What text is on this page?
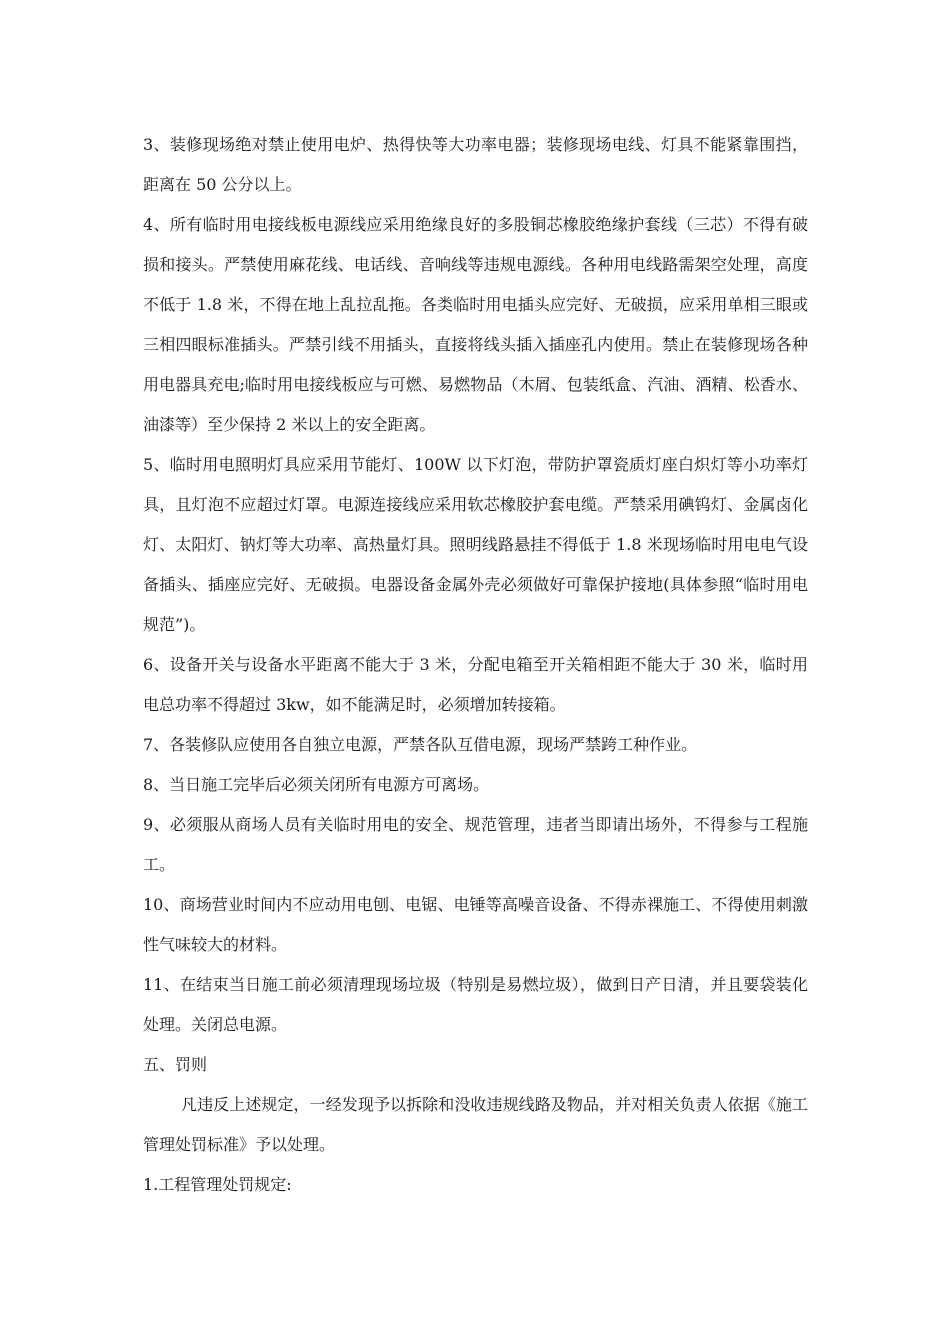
3、装修现场绝对禁止使用电炉、热得快等大功率电器；装修现场电线、灯具不能紧靠围挡，距离在 50 公分以上。

4、所有临时用电接线板电源线应采用绝缘良好的多股铜芯橡胶绝缘护套线（三芯）不得有破损和接头。严禁使用麻花线、电话线、音响线等违规电源线。各种用电线路需架空处理，高度不低于 1.8 米，不得在地上乱拉乱拖。各类临时用电插头应完好、无破损，应采用单相三眼或三相四眼标准插头。严禁引线不用插头，直接将线头插入插座孔内使用。禁止在装修现场各种用电器具充电;临时用电接线板应与可燃、易燃物品（木屑、包装纸盒、汽油、酒精、松香水、油漆等）至少保持 2 米以上的安全距离。

5、临时用电照明灯具应采用节能灯、100W 以下灯泡，带防护罩瓷质灯座白炽灯等小功率灯具，且灯泡不应超过灯罩。电源连接线应采用软芯橡胶护套电缆。严禁采用碘钨灯、金属卤化灯、太阳灯、钠灯等大功率、高热量灯具。照明线路悬挂不得低于 1.8 米现场临时用电电气设备插头、插座应完好、无破损。电器设备金属外壳必须做好可靠保护接地(具体参照“临时用电规范”)。

6、设备开关与设备水平距离不能大于 3 米，分配电箱至开关箱相距不能大于 30 米，临时用电总功率不得超过 3kw，如不能满足时，必须增加转接箱。

7、各装修队应使用各自独立电源，严禁各队互借电源，现场严禁跨工种作业。

8、当日施工完毕后必须关闭所有电源方可离场。

9、必须服从商场人员有关临时用电的安全、规范管理，违者当即请出场外，不得参与工程施工。

10、商场营业时间内不应动用电刨、电锯、电锤等高噪音设备、不得赤裸施工、不得使用刺激性气味较大的材料。

11、在结束当日施工前必须清理现场垃圾（特别是易燃垃圾），做到日产日清，并且要袋装化处理。关闭总电源。

五、罚则

凡违反上述规定，一经发现予以拆除和没收违规线路及物品，并对相关负责人依据《施工管理处罚标准》予以处理。

1.工程管理处罚规定:
